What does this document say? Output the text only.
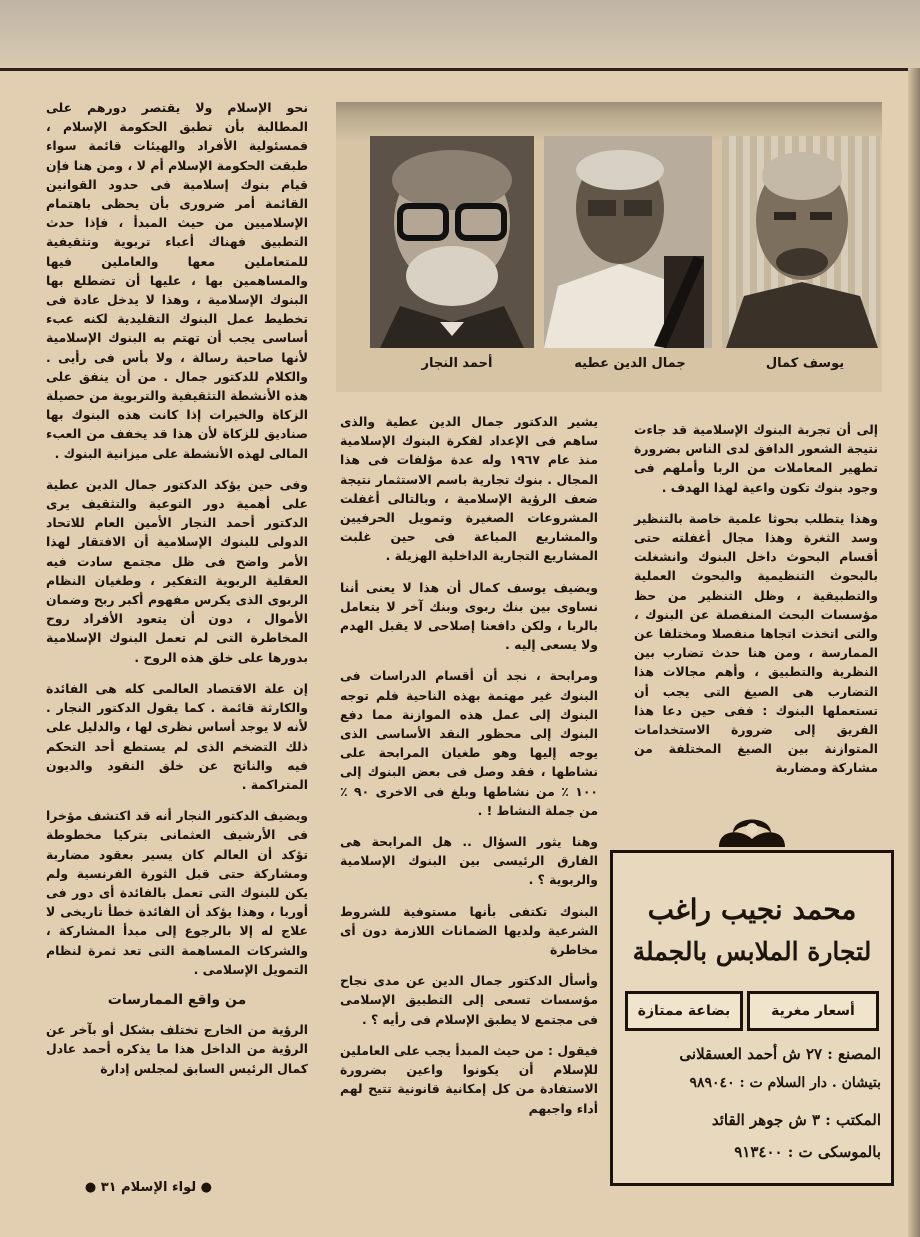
نحو الإسلام ولا يقتصر دورهم على المطالبة بأن تطبق الحكومة الإسلام ، فمسئولية الأفراد والهيئات قائمة سواء طبقت الحكومة الإسلام أم لا ، ومن هنا فإن قيام بنوك إسلامية فى حدود القوانين القائمة أمر ضرورى بأن يحظى باهتمام الإسلاميين من حيث المبدأ ، فإذا حدث التطبيق فهناك أعباء تربوية وتثقيفية للمتعاملين معها والعاملين فيها والمساهمين بها ، عليها أن تضطلع بها البنوك الإسلامية ، وهذا لا يدخل عادة فى تخطيط عمل البنوك التقليدية لكنه عبء أساسى يجب أن تهتم به البنوك الإسلامية لأنها صاحبة رسالة ، ولا بأس فى رأيى . والكلام للدكتور جمال . من أن ينفق على هذه الأنشطة التثقيفية والتربوية من حصيلة الزكاة والخيرات إذا كانت هذه البنوك بها صناديق للزكاة لأن هذا قد يخفف من العبء المالى لهذه الأنشطة على ميزانية البنوك .

وفى حين يؤكد الدكتور جمال الدين عطية على أهمية دور التوعية والتثقيف يرى الدكتور أحمد النجار الأمين العام للاتحاد الدولى للبنوك الإسلامية أن الافتقار لهذا الأمر واضح فى ظل مجتمع سادت فيه العقلية الربوية التفكير ، وطغيان النظام الربوى الذى يكرس مفهوم أكبر ربح وضمان الأموال ، دون أن يتعود الأفراد روح المخاطرة التى لم تعمل البنوك الإسلامية بدورها على خلق هذه الروح .

إن علة الاقتصاد العالمى كله هى الفائدة والكارثة قائمة . كما يقول الدكتور النجار . لأنه لا يوجد أساس نظرى لها ، والدليل على ذلك التضخم الذى لم يستطع أحد التحكم فيه والناتج عن خلق النقود والديون المتراكمة .

ويضيف الدكتور النجار أنه قد اكتشف مؤخرا فى الأرشيف العثمانى بتركيا مخطوطة تؤكد أن العالم كان يسير بعقود مضاربة ومشاركة حتى قبل الثورة الفرنسية ولم يكن للبنوك التى تعمل بالفائدة أى دور فى أوربا ، وهذا يؤكد أن الفائدة خطأ تاريخى لا علاج له إلا بالرجوع إلى مبدأ المشاركة ، والشركات المساهمة التى تعد ثمرة لنظام التمويل الإسلامى .

من واقع الممارسات

الرؤية من الخارج تختلف بشكل أو بآخر عن الرؤية من الداخل هذا ما يذكره أحمد عادل كمال الرئيس السابق لمجلس إدارة

أحمد النجار	جمال الدين عطيه	يوسف كمال

يشير الدكتور جمال الدين عطية والذى ساهم فى الإعداد لفكرة البنوك الإسلامية منذ عام ١٩٦٧ وله عدة مؤلفات فى هذا المجال . بنوك تجارية باسم الاستثمار نتيجة ضعف الرؤية الإسلامية ، وبالتالى أغفلت المشروعات الصغيرة وتمويل الحرفيين والمشاريع المباعة فى حين غلبت المشاريع التجارية الداخلية الهزيلة .

ويضيف يوسف كمال أن هذا لا يعنى أننا نساوى بين بنك ربوى وبنك آخر لا يتعامل بالربا ، ولكن دافعنا إصلاحى لا يقبل الهدم ولا يسعى إليه .

ومرابحة ، نجد أن أقسام الدراسات فى البنوك غير مهتمة بهذه الناحية فلم توجه البنوك إلى عمل هذه الموازنة مما دفع البنوك إلى محظور النقد الأساسى الذى يوجه إليها وهو طغيان المرابحة على نشاطها ، فقد وصل فى بعض البنوك إلى ١٠٠ ٪ من نشاطها وبلغ فى الاخرى ٩٠ ٪ من جملة النشاط ! .

وهنا يثور السؤال .. هل المرابحة هى الفارق الرئيسى بين البنوك الإسلامية والربوية ؟ .

البنوك تكتفى بأنها مستوفية للشروط الشرعية ولديها الضمانات اللازمة دون أى مخاطرة

وأسأل الدكتور جمال الدين عن مدى نجاح مؤسسات تسعى إلى التطبيق الإسلامى فى مجتمع لا يطبق الإسلام فى رأيه ؟ .

فيقول : من حيث المبدأ يجب على العاملين للإسلام أن يكونوا واعين بضرورة الاستفادة من كل إمكانية قانونية تتيح لهم أداء واجبهم

إلى أن تجربة البنوك الإسلامية قد جاءت نتيجة الشعور الدافق لدى الناس بضرورة تطهير المعاملات من الربا وأملهم فى وجود بنوك تكون واعية لهذا الهدف .

وهذا يتطلب بحوثا علمية خاصة بالتنظير وسد الثغرة وهذا مجال أغفلته حتى أقسام البحوث داخل البنوك وانشغلت بالبحوث التنظيمية والبحوث العملية والتطبيقية ، وظل التنظير من حظ مؤسسات البحث المنفصلة عن البنوك ، والتى اتخذت اتجاها منفصلا ومختلفا عن الممارسة ، ومن هنا حدث تضارب بين النظرية والتطبيق ، وأهم مجالات هذا التضارب هى الصيغ التى يجب أن تستعملها البنوك : ففى حين دعا هذا الفريق إلى ضرورة الاستخدامات المتوازنة بين الصيغ المختلفة من مشاركة ومضاربة

محمد نجيب راغب
لتجارة الملابس بالجملة
أسعار مغرية
بضاعة ممتازة
المصنع : ٢٧ ش أحمد العسقلانى
بتيشان . دار السلام ت : ٩٨٩٠٤٠
المكتب : ٣ ش جوهر القائد
بالموسكى ت : ٩١٣٤٠٠
● لواء الإسلام ٣١ ●
